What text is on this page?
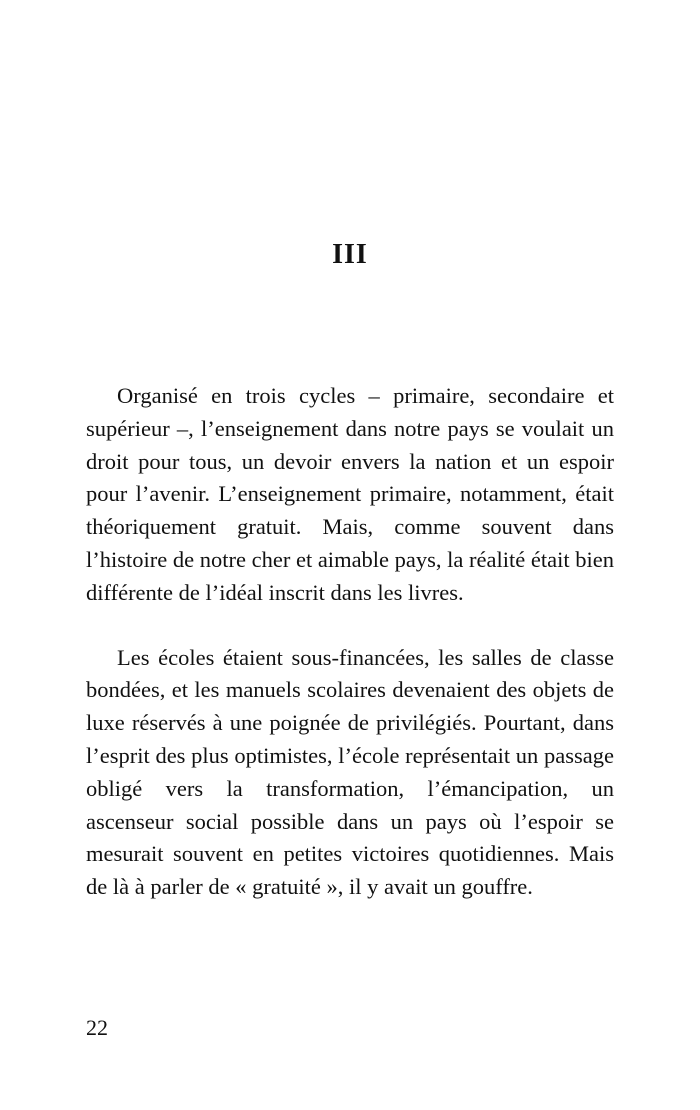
III

Organisé en trois cycles – primaire, secondaire et supérieur –, l’enseignement dans notre pays se voulait un droit pour tous, un devoir envers la nation et un espoir pour l’avenir. L’enseignement primaire, notamment, était théoriquement gratuit. Mais, comme souvent dans l’histoire de notre cher et aimable pays, la réalité était bien différente de l’idéal inscrit dans les livres.

Les écoles étaient sous-financées, les salles de classe bondées, et les manuels scolaires devenaient des objets de luxe réservés à une poignée de privilégiés. Pourtant, dans l’esprit des plus optimistes, l’école représentait un passage obligé vers la transformation, l’émancipation, un ascenseur social possible dans un pays où l’espoir se mesurait souvent en petites victoires quotidiennes. Mais de là à parler de « gratuité », il y avait un gouffre.

22
